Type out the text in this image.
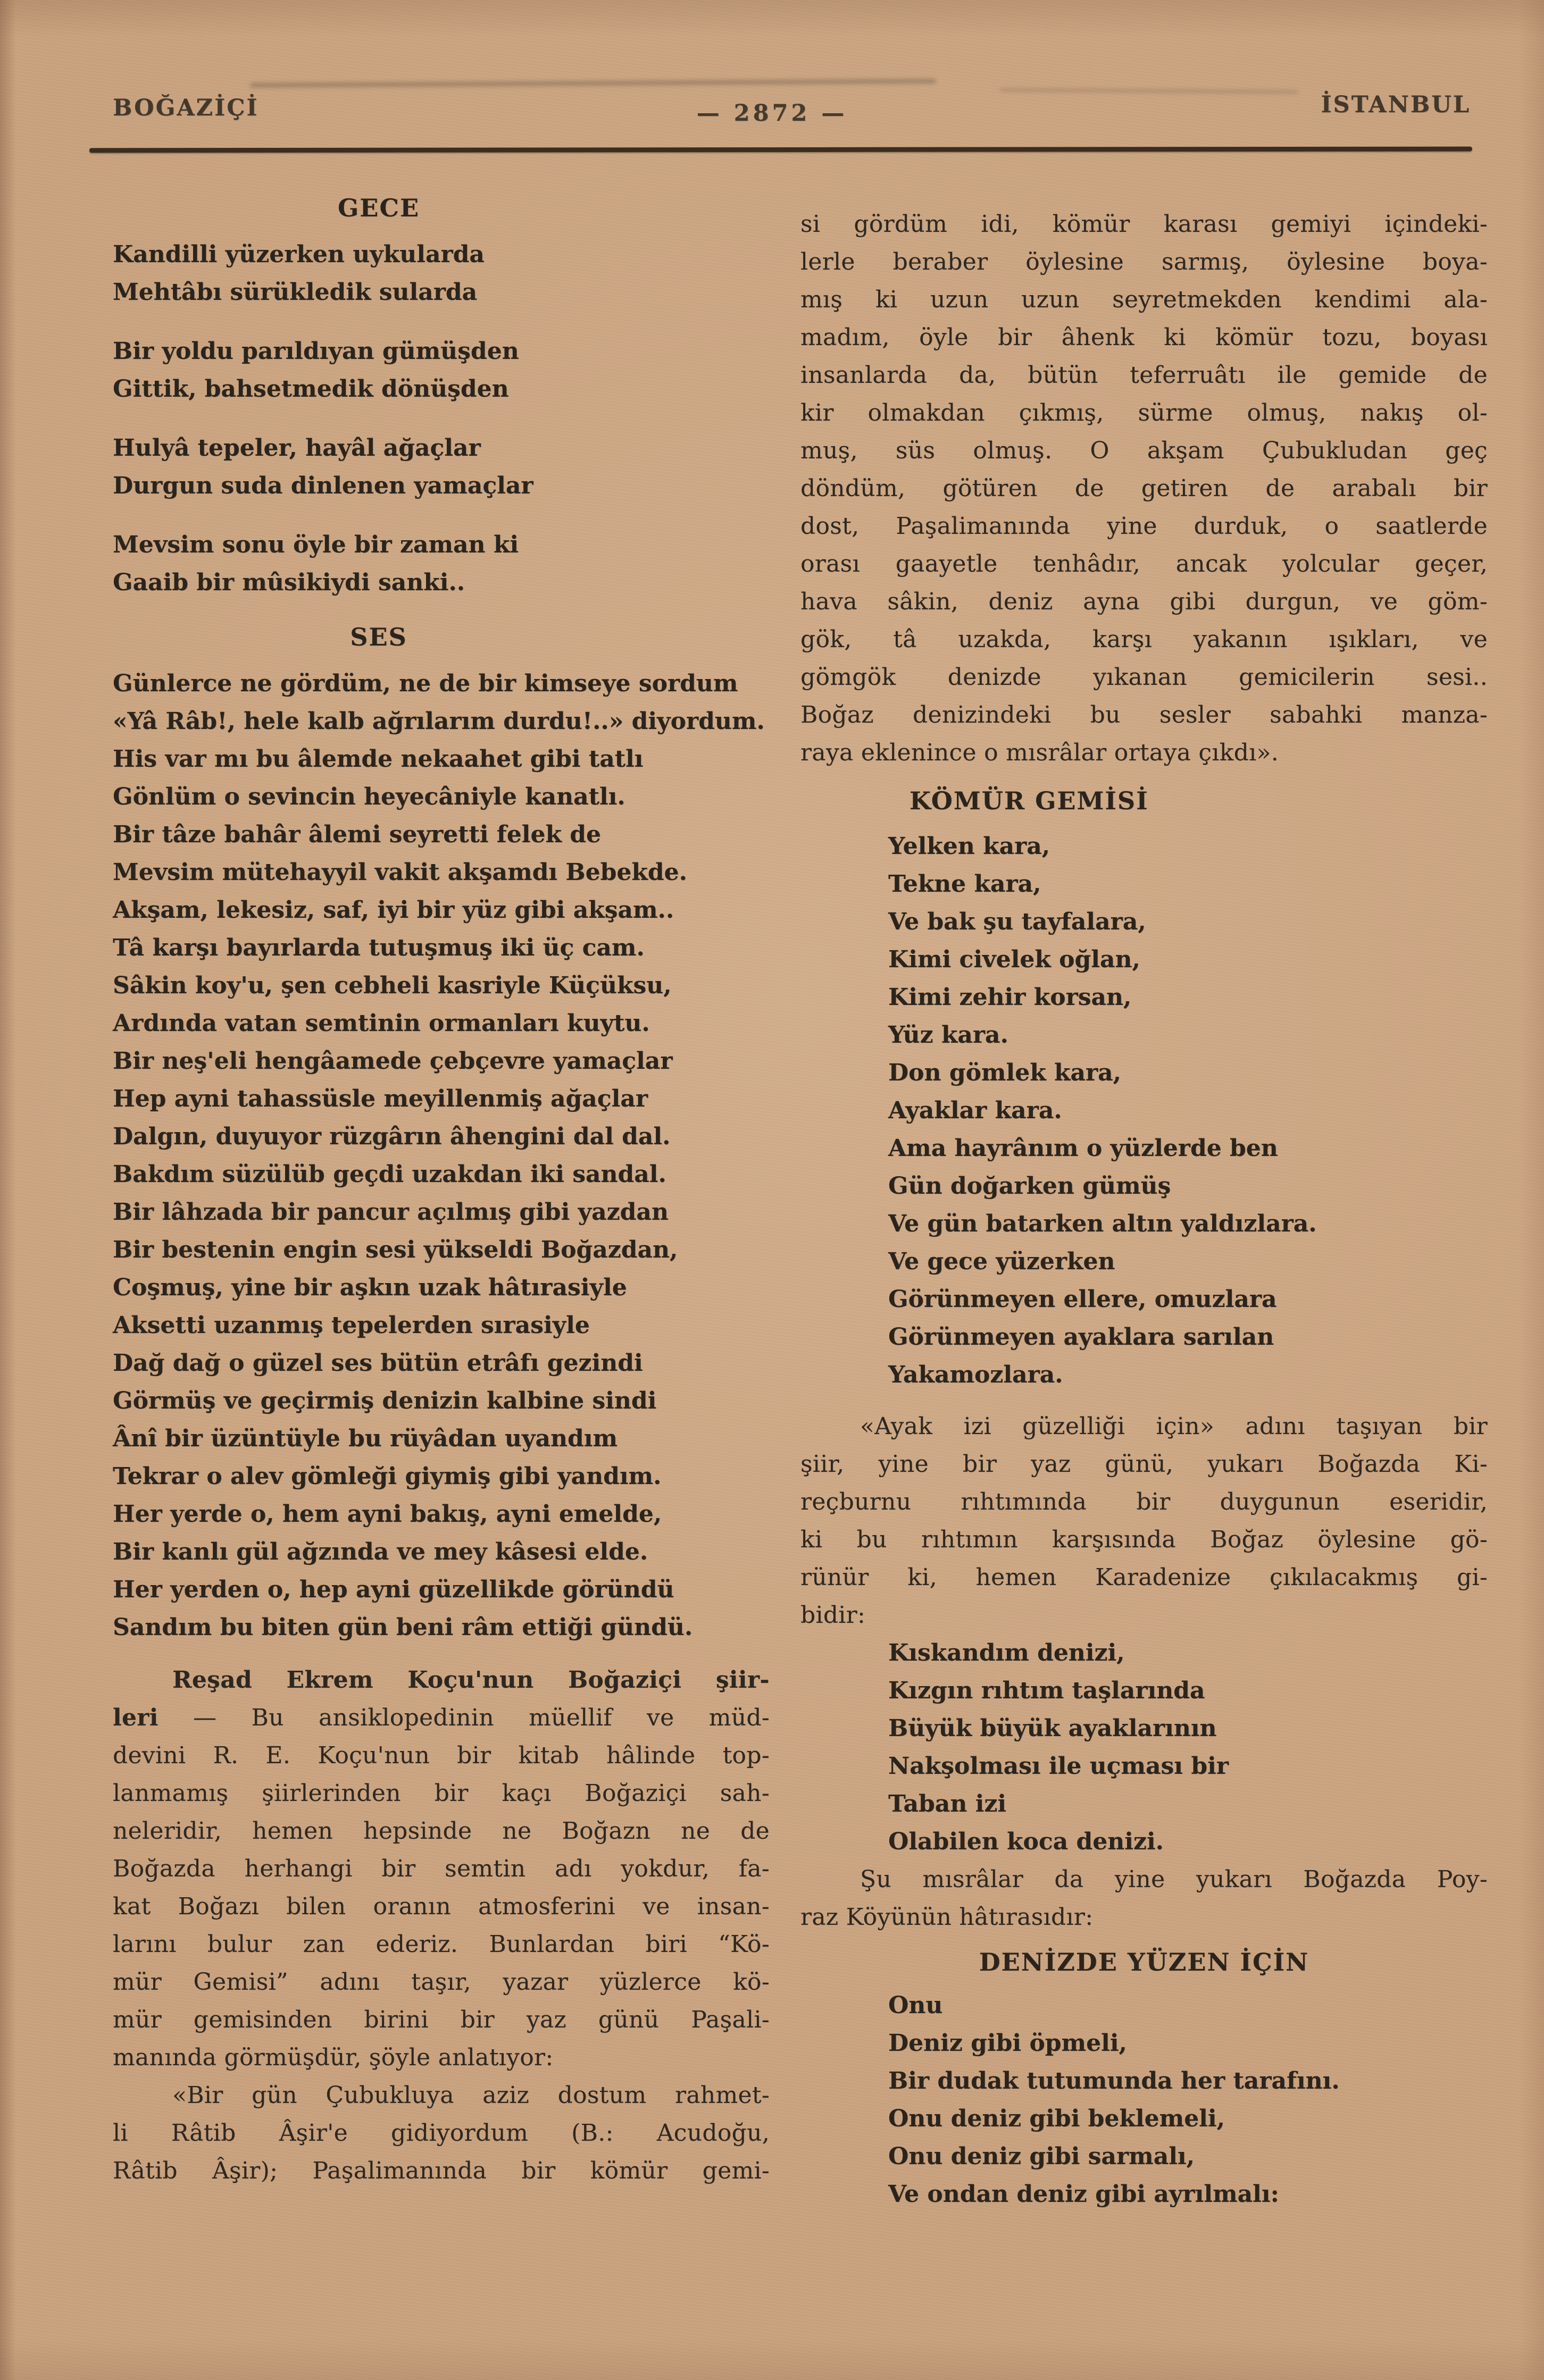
BOĞAZİÇİ	— 2872 —	İSTANBUL
GECE
Kandilli yüzerken uykularda
Mehtâbı sürükledik sularda
Bir yoldu parıldıyan gümüşden
Gittik, bahsetmedik dönüşden
Hulyâ tepeler, hayâl ağaçlar
Durgun suda dinlenen yamaçlar
Mevsim sonu öyle bir zaman ki
Gaaib bir mûsikiydi sanki..
SES
Günlerce ne gördüm, ne de bir kimseye sordum
«Yâ Râb!, hele kalb ağrılarım durdu!..» diyordum.
His var mı bu âlemde nekaahet gibi tatlı
Gönlüm o sevincin heyecâniyle kanatlı.
Bir tâze bahâr âlemi seyretti felek de
Mevsim mütehayyil vakit akşamdı Bebekde.
Akşam, lekesiz, saf, iyi bir yüz gibi akşam..
Tâ karşı bayırlarda tutuşmuş iki üç cam.
Sâkin koy'u, şen cebheli kasriyle Küçüksu,
Ardında vatan semtinin ormanları kuytu.
Bir neş'eli hengâamede çebçevre yamaçlar
Hep ayni tahassüsle meyillenmiş ağaçlar
Dalgın, duyuyor rüzgârın âhengini dal dal.
Bakdım süzülüb geçdi uzakdan iki sandal.
Bir lâhzada bir pancur açılmış gibi yazdan
Bir bestenin engin sesi yükseldi Boğazdan,
Coşmuş, yine bir aşkın uzak hâtırasiyle
Aksetti uzanmış tepelerden sırasiyle
Dağ dağ o güzel ses bütün etrâfı gezindi
Görmüş ve geçirmiş denizin kalbine sindi
Ânî bir üzüntüyle bu rüyâdan uyandım
Tekrar o alev gömleği giymiş gibi yandım.
Her yerde o, hem ayni bakış, ayni emelde,
Bir kanlı gül ağzında ve mey kâsesi elde.
Her yerden o, hep ayni güzellikde göründü
Sandım bu biten gün beni râm ettiği gündü.
Reşad Ekrem Koçu'nun Boğaziçi şiir-
leri — Bu ansiklopedinin müellif ve müd-
devini R. E. Koçu'nun bir kitab hâlinde top-
lanmamış şiirlerinden bir kaçı Boğaziçi sah-
neleridir, hemen hepsinde ne Boğazn ne de
Boğazda herhangi bir semtin adı yokdur, fa-
kat Boğazı bilen oranın atmosferini ve insan-
larını bulur zan ederiz. Bunlardan biri “Kö-
mür Gemisi” adını taşır, yazar yüzlerce kö-
mür gemisinden birini bir yaz günü Paşali-
manında görmüşdür, şöyle anlatıyor:
«Bir gün Çubukluya aziz dostum rahmet-
li Râtib Âşir'e gidiyordum (B.: Acudoğu,
Râtib Âşir); Paşalimanında bir kömür gemi-
si gördüm idi, kömür karası gemiyi içindeki-
lerle beraber öylesine sarmış, öylesine boya-
mış ki uzun uzun seyretmekden kendimi ala-
madım, öyle bir âhenk ki kömür tozu, boyası
insanlarda da, bütün teferruâtı ile gemide de
kir olmakdan çıkmış, sürme olmuş, nakış ol-
muş, süs olmuş. O akşam Çubukludan geç
döndüm, götüren de getiren de arabalı bir
dost, Paşalimanında yine durduk, o saatlerde
orası gaayetle tenhâdır, ancak yolcular geçer,
hava sâkin, deniz ayna gibi durgun, ve göm-
gök, tâ uzakda, karşı yakanın ışıkları, ve
gömgök denizde yıkanan gemicilerin sesi..
Boğaz denizindeki bu sesler sabahki manza-
raya eklenince o mısrâlar ortaya çıkdı».
KÖMÜR GEMİSİ
Yelken kara,
Tekne kara,
Ve bak şu tayfalara,
Kimi civelek oğlan,
Kimi zehir korsan,
Yüz kara.
Don gömlek kara,
Ayaklar kara.
Ama hayrânım o yüzlerde ben
Gün doğarken gümüş
Ve gün batarken altın yaldızlara.
Ve gece yüzerken
Görünmeyen ellere, omuzlara
Görünmeyen ayaklara sarılan
Yakamozlara.
«Ayak izi güzelliği için» adını taşıyan bir
şiir, yine bir yaz günü, yukarı Boğazda Ki-
reçburnu rıhtımında bir duygunun eseridir,
ki bu rıhtımın karşısında Boğaz öylesine gö-
rünür ki, hemen Karadenize çıkılacakmış gi-
bidir:
Kıskandım denizi,
Kızgın rıhtım taşlarında
Büyük büyük ayaklarının
Nakşolması ile uçması bir
Taban izi
Olabilen koca denizi.
Şu mısrâlar da yine yukarı Boğazda Poy-
raz Köyünün hâtırasıdır:
DENİZDE YÜZEN İÇİN
Onu
Deniz gibi öpmeli,
Bir dudak tutumunda her tarafını.
Onu deniz gibi beklemeli,
Onu deniz gibi sarmalı,
Ve ondan deniz gibi ayrılmalı:
